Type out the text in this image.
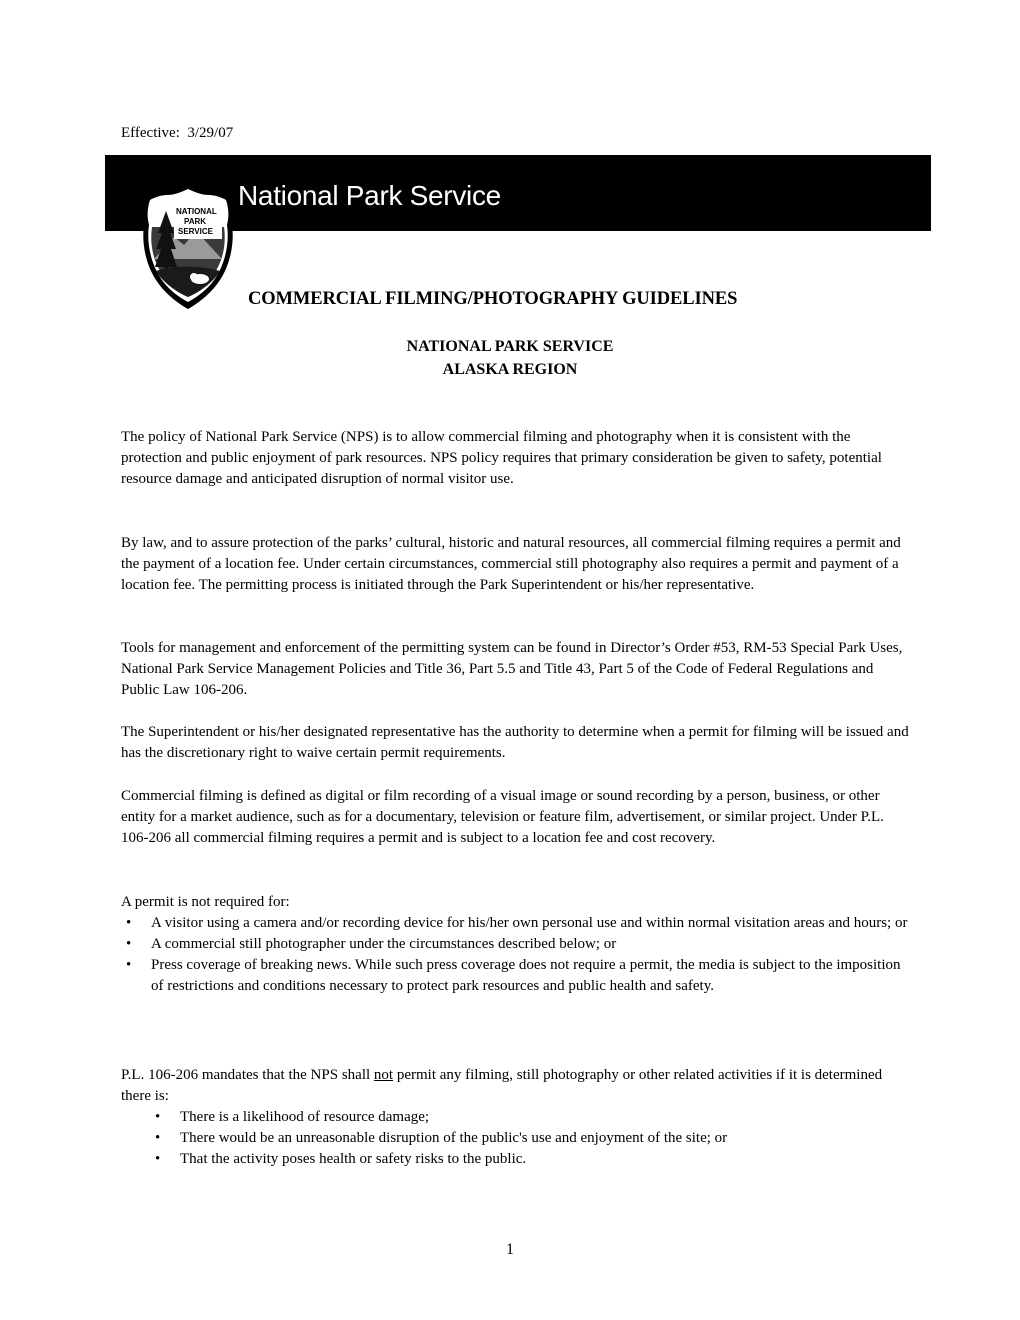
Effective:  3/29/07
National Park Service
NATIONAL
PARK
SERVICE
COMMERCIAL FILMING/PHOTOGRAPHY GUIDELINES
NATIONAL PARK SERVICE
ALASKA REGION

The policy of National Park Service (NPS) is to allow commercial filming and photography when it is consistent with the protection and public enjoyment of park resources. NPS policy requires that primary consideration be given to safety, potential resource damage and anticipated disruption of normal visitor use.

By law, and to assure protection of the parks’ cultural, historic and natural resources, all commercial filming requires a permit and the payment of a location fee. Under certain circumstances, commercial still photography also requires a permit and payment of a location fee. The permitting process is initiated through the Park Superintendent or his/her representative.

Tools for management and enforcement of the permitting system can be found in Director’s Order #53, RM-53 Special Park Uses, National Park Service Management Policies and Title 36, Part 5.5 and Title 43, Part 5 of the Code of Federal Regulations and Public Law 106-206.

The Superintendent or his/her designated representative has the authority to determine when a permit for filming will be issued and has the discretionary right to waive certain permit requirements.

Commercial filming is defined as digital or film recording of a visual image or sound recording by a person, business, or other entity for a market audience, such as for a documentary, television or feature film, advertisement, or similar project. Under P.L. 106-206 all commercial filming requires a permit and is subject to a location fee and cost recovery.

A permit is not required for:

• A visitor using a camera and/or recording device for his/her own personal use and within normal visitation areas and hours; or
• A commercial still photographer under the circumstances described below; or
• Press coverage of breaking news. While such press coverage does not require a permit, the media is subject to the imposition of restrictions and conditions necessary to protect park resources and public health and safety.

P.L. 106-206 mandates that the NPS shall not permit any filming, still photography or other related activities if it is determined there is:

• There is a likelihood of resource damage;
• There would be an unreasonable disruption of the public's use and enjoyment of the site; or
• That the activity poses health or safety risks to the public.
1
